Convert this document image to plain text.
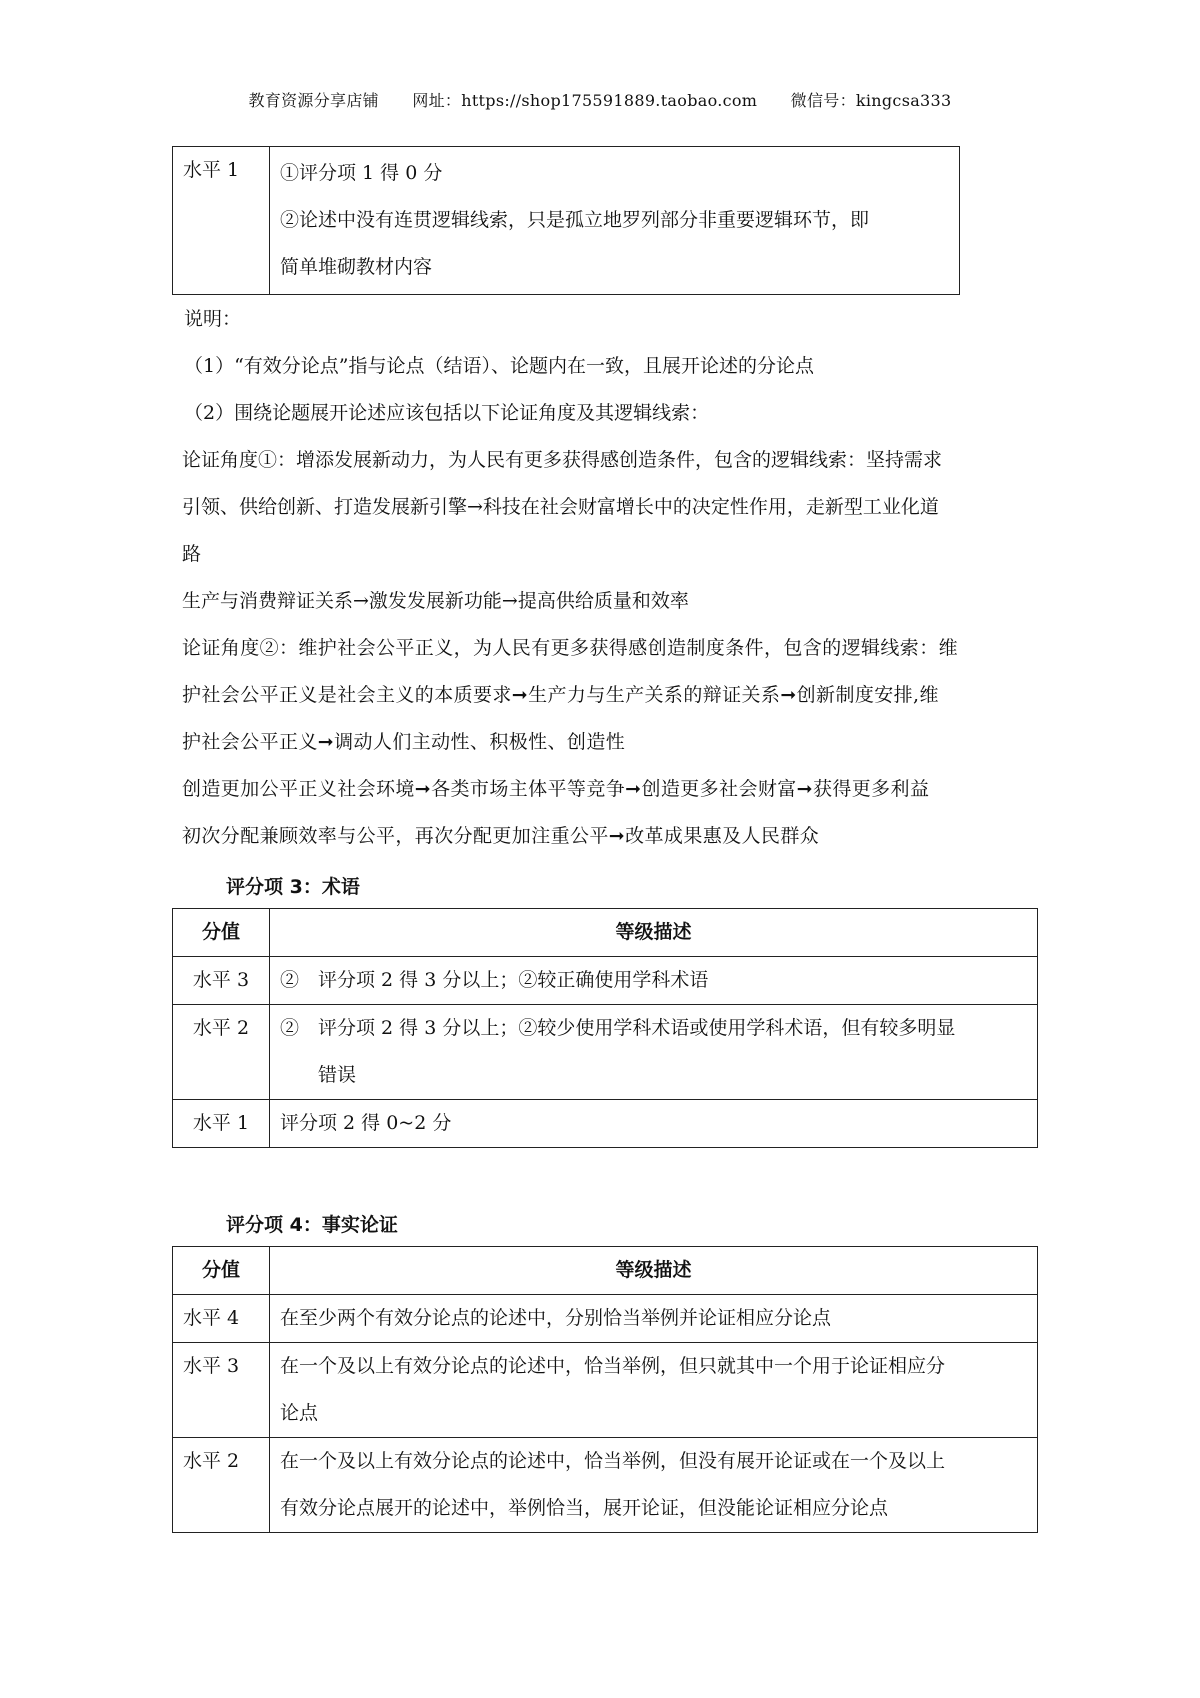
教育资源分享店铺 网址：https://shop175591889.taobao.com 微信号：kingcsa333
水平 1	①评分项 1 得 0 分
②论述中没有连贯逻辑线索，只是孤立地罗列部分非重要逻辑环节，即
简单堆砌教材内容

说明：

（1）“有效分论点”指与论点（结语）、论题内在一致，且展开论述的分论点

（2）围绕论题展开论述应该包括以下论证角度及其逻辑线索：

论证角度①：增添发展新动力，为人民有更多获得感创造条件，包含的逻辑线索：坚持需求

引领、供给创新、打造发展新引擎→科技在社会财富增长中的决定性作用，走新型工业化道

路

生产与消费辩证关系→激发发展新功能→提高供给质量和效率

论证角度②：维护社会公平正义，为人民有更多获得感创造制度条件，包含的逻辑线索：维

护社会公平正义是社会主义的本质要求➞生产力与生产关系的辩证关系➞创新制度安排,维

护社会公平正义➞调动人们主动性、积极性、创造性

创造更加公平正义社会环境➞各类市场主体平等竞争➞创造更多社会财富➞获得更多利益

初次分配兼顾效率与公平，再次分配更加注重公平➞改革成果惠及人民群众

评分项 3：术语
分值	等级描述
水平 3	②　评分项 2 得 3 分以上；②较正确使用学科术语

水平 2	②　评分项 2 得 3 分以上；②较少使用学科术语或使用学科术语，但有较多明显
　　错误

水平 1	评分项 2 得 0~2 分
评分项 4：事实论证
分值	等级描述
水平 4	在至少两个有效分论点的论述中，分别恰当举例并论证相应分论点

水平 3	在一个及以上有效分论点的论述中，恰当举例，但只就其中一个用于论证相应分
论点

水平 2	在一个及以上有效分论点的论述中，恰当举例，但没有展开论证或在一个及以上
有效分论点展开的论述中，举例恰当，展开论证，但没能论证相应分论点
